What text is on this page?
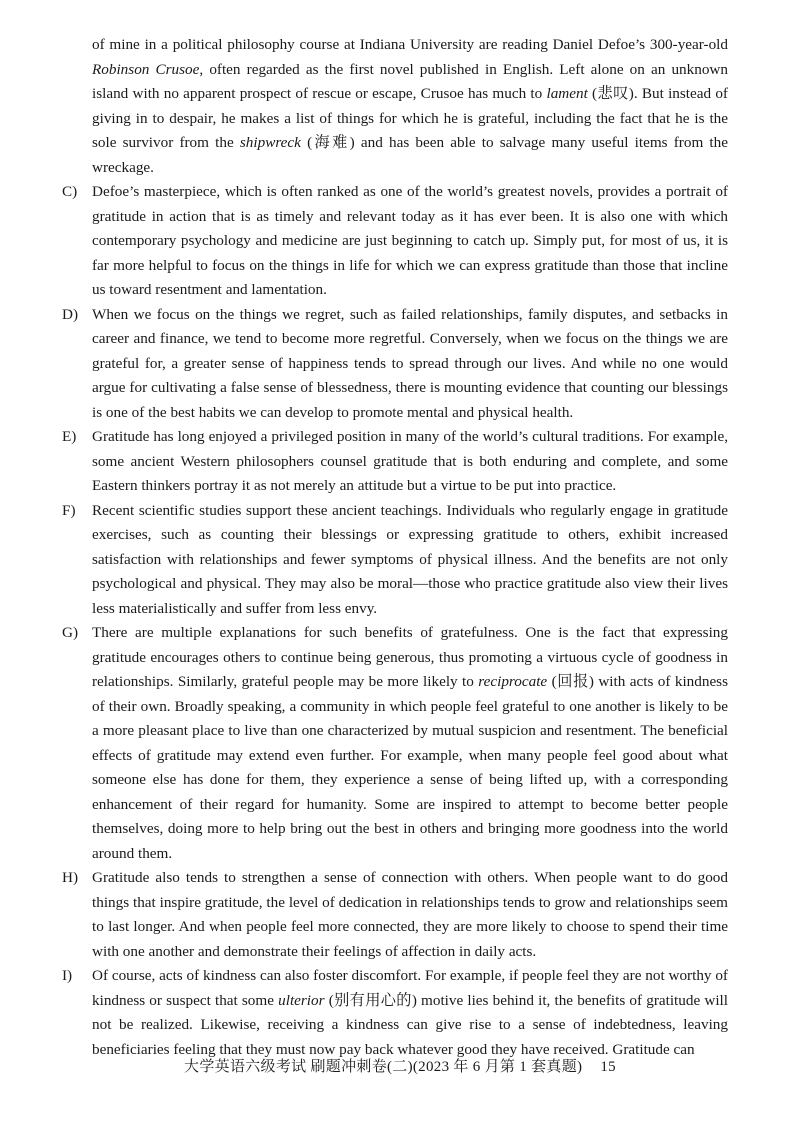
of mine in a political philosophy course at Indiana University are reading Daniel Defoe’s 300-year-old Robinson Crusoe, often regarded as the first novel published in English. Left alone on an unknown island with no apparent prospect of rescue or escape, Crusoe has much to lament (悲叹). But instead of giving in to despair, he makes a list of things for which he is grateful, including the fact that he is the sole survivor from the shipwreck (海难) and has been able to salvage many useful items from the wreckage.

C) Defoe’s masterpiece, which is often ranked as one of the world’s greatest novels, provides a portrait of gratitude in action that is as timely and relevant today as it has ever been. It is also one with which contemporary psychology and medicine are just beginning to catch up. Simply put, for most of us, it is far more helpful to focus on the things in life for which we can express gratitude than those that incline us toward resentment and lamentation.

D) When we focus on the things we regret, such as failed relationships, family disputes, and setbacks in career and finance, we tend to become more regretful. Conversely, when we focus on the things we are grateful for, a greater sense of happiness tends to spread through our lives. And while no one would argue for cultivating a false sense of blessedness, there is mounting evidence that counting our blessings is one of the best habits we can develop to promote mental and physical health.

E) Gratitude has long enjoyed a privileged position in many of the world’s cultural traditions. For example, some ancient Western philosophers counsel gratitude that is both enduring and complete, and some Eastern thinkers portray it as not merely an attitude but a virtue to be put into practice.

F) Recent scientific studies support these ancient teachings. Individuals who regularly engage in gratitude exercises, such as counting their blessings or expressing gratitude to others, exhibit increased satisfaction with relationships and fewer symptoms of physical illness. And the benefits are not only psychological and physical. They may also be moral—those who practice gratitude also view their lives less materialistically and suffer from less envy.

G) There are multiple explanations for such benefits of gratefulness. One is the fact that expressing gratitude encourages others to continue being generous, thus promoting a virtuous cycle of goodness in relationships. Similarly, grateful people may be more likely to reciprocate (回报) with acts of kindness of their own. Broadly speaking, a community in which people feel grateful to one another is likely to be a more pleasant place to live than one characterized by mutual suspicion and resentment. The beneficial effects of gratitude may extend even further. For example, when many people feel good about what someone else has done for them, they experience a sense of being lifted up, with a corresponding enhancement of their regard for humanity. Some are inspired to attempt to become better people themselves, doing more to help bring out the best in others and bringing more goodness into the world around them.

H) Gratitude also tends to strengthen a sense of connection with others. When people want to do good things that inspire gratitude, the level of dedication in relationships tends to grow and relationships seem to last longer. And when people feel more connected, they are more likely to choose to spend their time with one another and demonstrate their feelings of affection in daily acts.

I) Of course, acts of kindness can also foster discomfort. For example, if people feel they are not worthy of kindness or suspect that some ulterior (别有用心的) motive lies behind it, the benefits of gratitude will not be realized. Likewise, receiving a kindness can give rise to a sense of indebtedness, leaving beneficiaries feeling that they must now pay back whatever good they have received. Gratitude can

大学英语六级考试 刷题冲刺卷(二)(2023 年 6 月第 1 套真题) 15
